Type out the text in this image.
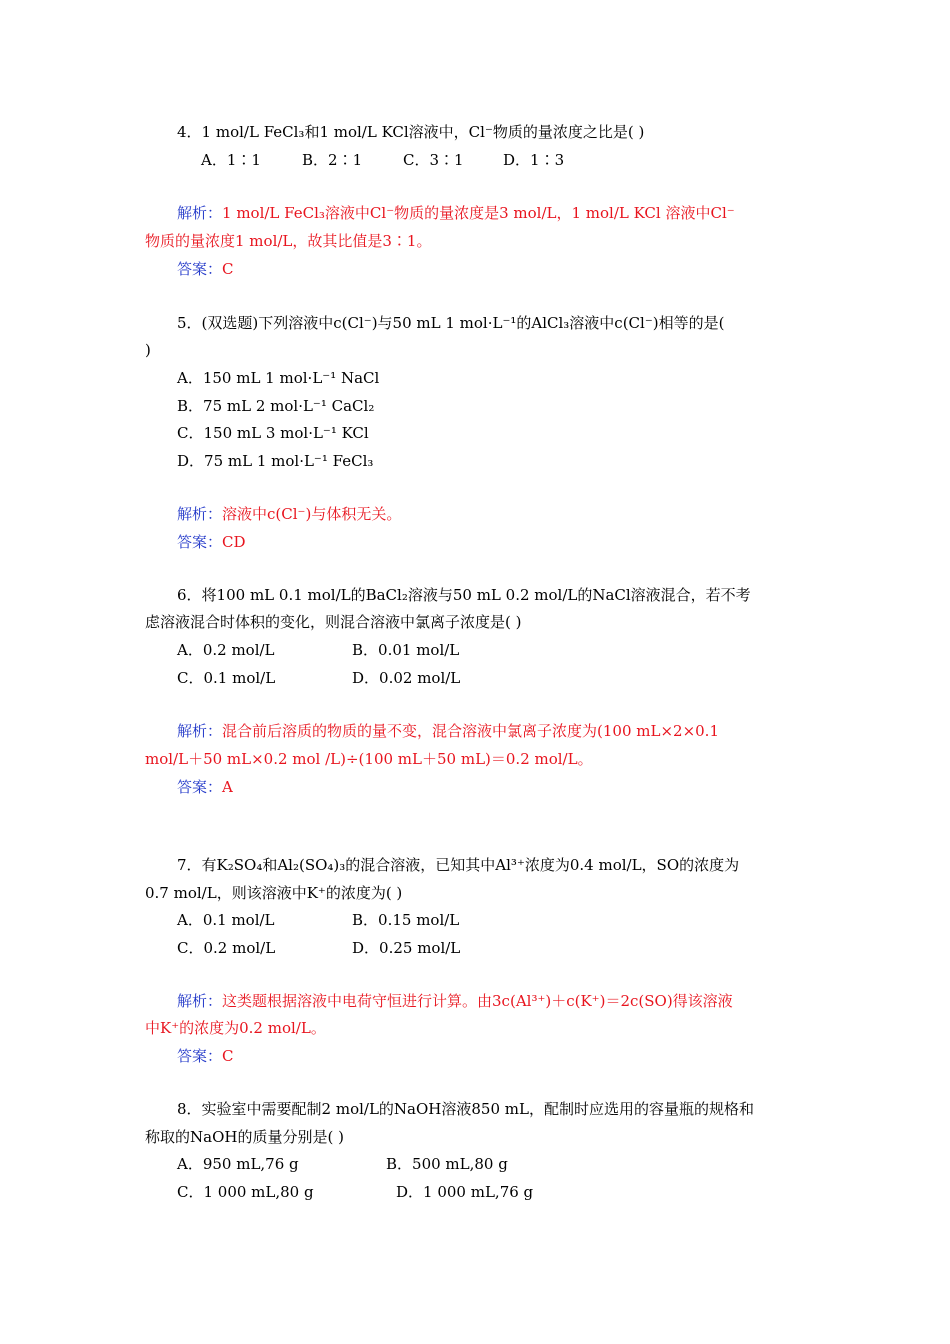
4．1 mol/L FeCl₃和1 mol/L KCl溶液中，Cl⁻物质的量浓度之比是( )
A．1∶1	B．2∶1	C．3∶1	D．1∶3
解析：1 mol/L FeCl₃溶液中Cl⁻物质的量浓度是3 mol/L，1 mol/L KCl 溶液中Cl⁻
物质的量浓度1 mol/L，故其比值是3∶1。
答案：C
5．(双选题)下列溶液中c(Cl⁻)与50 mL 1 mol·L⁻¹的AlCl₃溶液中c(Cl⁻)相等的是(
)
A．150 mL 1 mol·L⁻¹ NaCl
B．75 mL 2 mol·L⁻¹ CaCl₂
C．150 mL 3 mol·L⁻¹ KCl
D．75 mL 1 mol·L⁻¹ FeCl₃
解析：溶液中c(Cl⁻)与体积无关。
答案：CD
6．将100 mL 0.1 mol/L的BaCl₂溶液与50 mL 0.2 mol/L的NaCl溶液混合，若不考
虑溶液混合时体积的变化，则混合溶液中氯离子浓度是( )
A．0.2 mol/L	B．0.01 mol/L
C．0.1 mol/L	D．0.02 mol/L
解析：混合前后溶质的物质的量不变，混合溶液中氯离子浓度为(100 mL×2×0.1
mol/L＋50 mL×0.2 mol /L)÷(100 mL＋50 mL)＝0.2 mol/L。
答案：A
7．有K₂SO₄和Al₂(SO₄)₃的混合溶液，已知其中Al³⁺浓度为0.4 mol/L，SO的浓度为
0.7 mol/L，则该溶液中K⁺的浓度为( )
A．0.1 mol/L	B．0.15 mol/L
C．0.2 mol/L	D．0.25 mol/L
解析：这类题根据溶液中电荷守恒进行计算。由3c(Al³⁺)＋c(K⁺)＝2c(SO)得该溶液
中K⁺的浓度为0.2 mol/L。
答案：C
8．实验室中需要配制2 mol/L的NaOH溶液850 mL，配制时应选用的容量瓶的规格和
称取的NaOH的质量分别是( )
A．950 mL,76 g	B．500 mL,80 g
C．1 000 mL,80 g	D．1 000 mL,76 g
